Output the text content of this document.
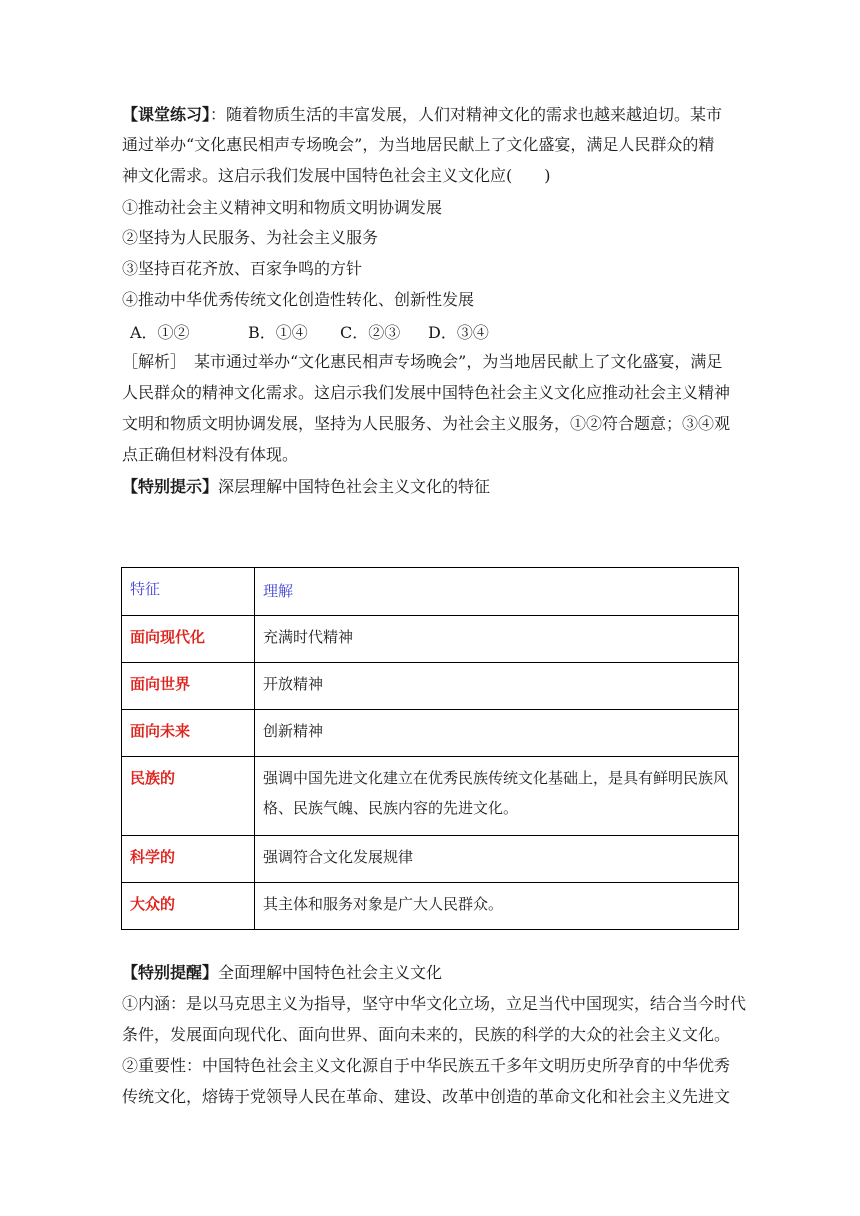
【课堂练习】：随着物质生活的丰富发展，人们对精神文化的需求也越来越迫切。某市
通过举办“文化惠民相声专场晚会”，为当地居民献上了文化盛宴，满足人民群众的精
神文化需求。这启示我们发展中国特色社会主义文化应(　　)
①推动社会主义精神文明和物质文明协调发展
②坚持为人民服务、为社会主义服务
③坚持百花齐放、百家争鸣的方针
④推动中华优秀传统文化创造性转化、创新性发展
A．①②	B．①④ C．②③ D．③④
［解析］　某市通过举办“文化惠民相声专场晚会”，为当地居民献上了文化盛宴，满足
人民群众的精神文化需求。这启示我们发展中国特色社会主义文化应推动社会主义精神
文明和物质文明协调发展，坚持为人民服务、为社会主义服务，①②符合题意；③④观
点正确但材料没有体现。
【特别提示】深层理解中国特色社会主义文化的特征
特征	理解
面向现代化	充满时代精神
面向世界	开放精神
面向未来	创新精神
民族的	强调中国先进文化建立在优秀民族传统文化基础上，是具有鲜明民族风格、民族气魄、民族内容的先进文化。
科学的	强调符合文化发展规律
大众的	其主体和服务对象是广大人民群众。
【特别提醒】全面理解中国特色社会主义文化
①内涵：是以马克思主义为指导，坚守中华文化立场，立足当代中国现实，结合当今时代
条件，发展面向现代化、面向世界、面向未来的，民族的科学的大众的社会主义文化。
②重要性：中国特色社会主义文化源自于中华民族五千多年文明历史所孕育的中华优秀
传统文化，熔铸于党领导人民在革命、建设、改革中创造的革命文化和社会主义先进文
